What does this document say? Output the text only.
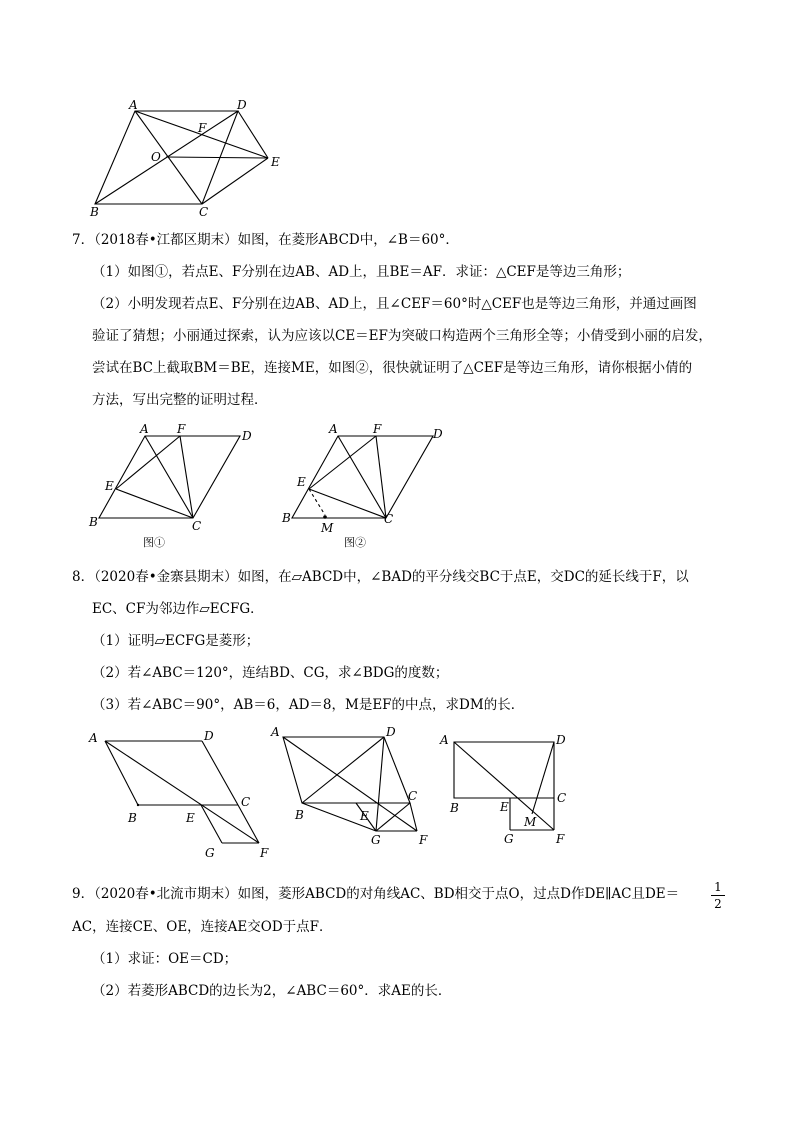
A	D
F
O	E
B	C
7．（2018春•江都区期末）如图，在菱形ABCD中，∠B＝60°．
（1）如图①，若点E、F分别在边AB、AD上，且BE＝AF．求证：△CEF是等边三角形；
（2）小明发现若点E、F分别在边AB、AD上，且∠CEF＝60°时△CEF也是等边三角形，并通过画图
验证了猜想；小丽通过探索，认为应该以CE＝EF为突破口构造两个三角形全等；小倩受到小丽的启发，
尝试在BC上截取BM＝BE，连接ME，如图②，很快就证明了△CEF是等边三角形，请你根据小倩的
方法，写出完整的证明过程．
A F	D
E
B	C
图①
A	F	D
E
B
M
C
图②
8．（2020春•金寨县期末）如图，在▱ABCD中，∠BAD的平分线交BC于点E，交DC的延长线于F，以
EC、CF为邻边作▱ECFG．
（1）证明▱ECFG是菱形；
（2）若∠ABC＝120°，连结BD、CG，求∠BDG的度数；
（3）若∠ABC＝90°，AB＝6，AD＝8，M是EF的中点，求DM的长．
A	D
C
B	E
G	F
A	D
C
E
B
G	F
A	D
B	E
C
M
G	F
9．（2020春•北流市期末）如图，菱形ABCD的对角线AC、BD相交于点O，过点D作DE∥AC且DE＝	1
2
AC，连接CE、OE，连接AE交OD于点F．
（1）求证：OE＝CD；
（2）若菱形ABCD的边长为2，∠ABC＝60°．求AE的长．
